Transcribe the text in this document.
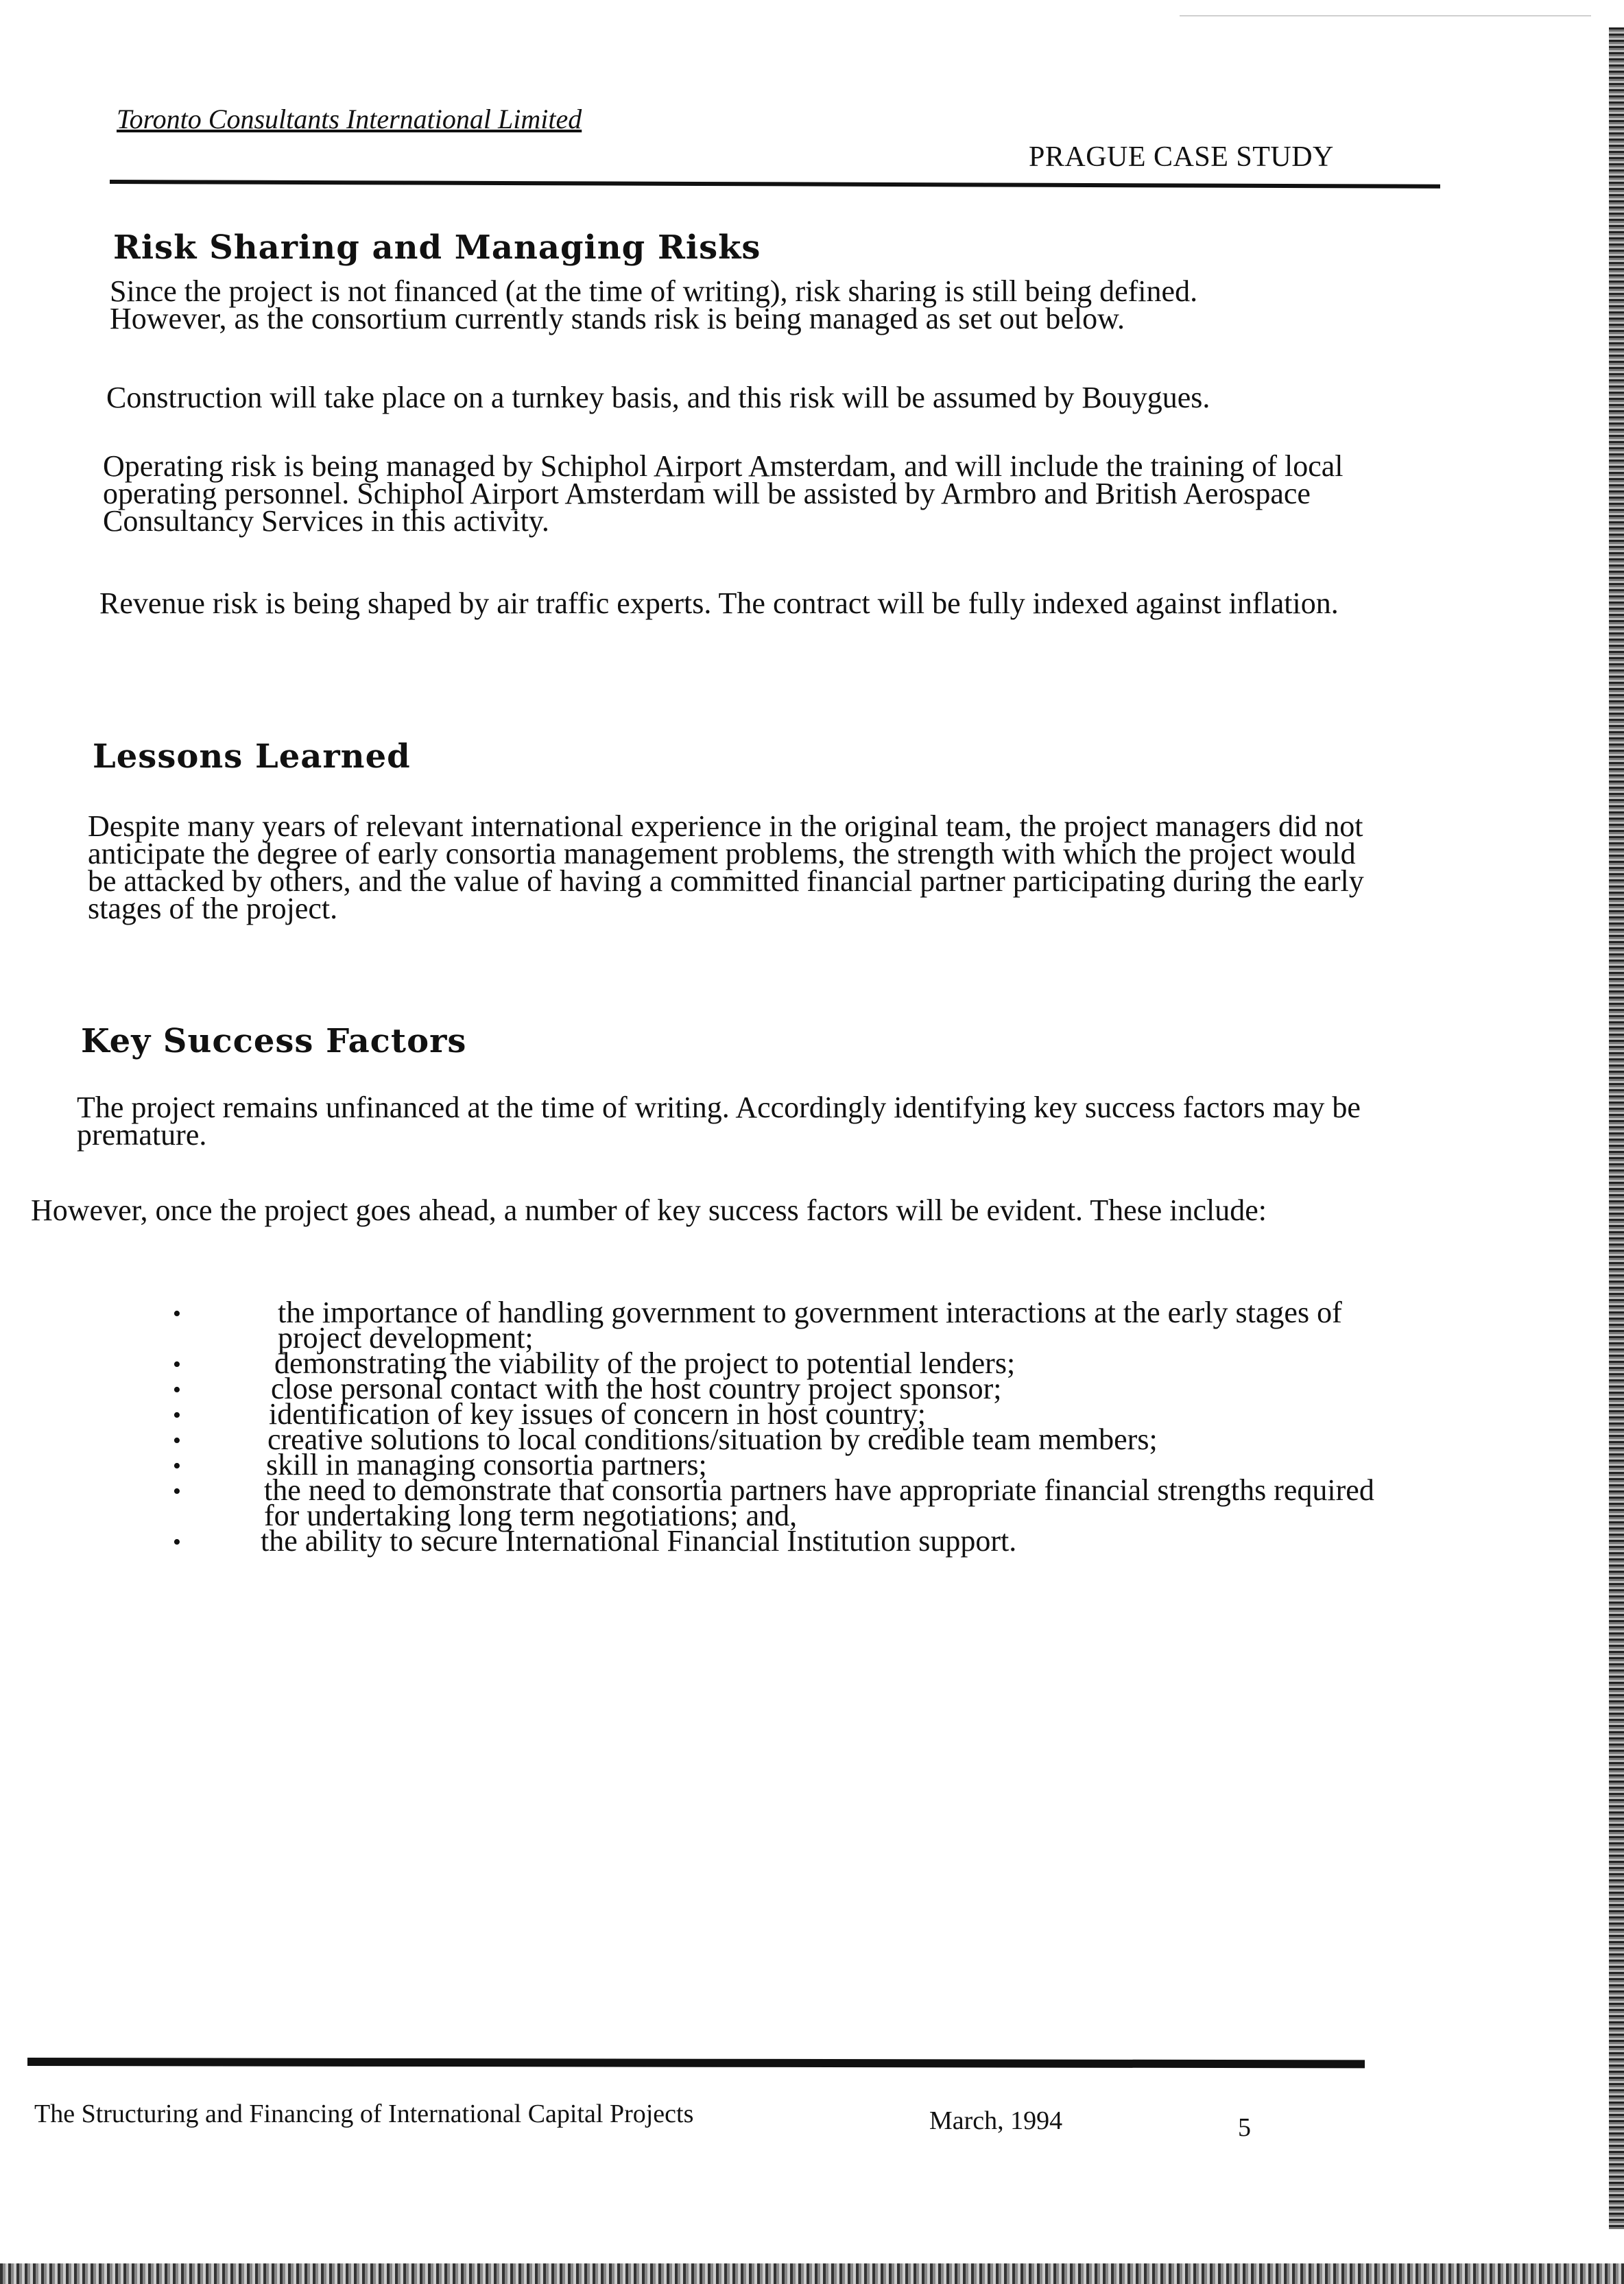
Toronto Consultants International Limited
PRAGUE CASE STUDY
Risk Sharing and Managing Risks

Since the project is not financed (at the time of writing), risk sharing is still being defined. However, as the consortium currently stands risk is being managed as set out below.

Construction will take place on a turnkey basis, and this risk will be assumed by Bouygues.

Operating risk is being managed by Schiphol Airport Amsterdam, and will include the training of local operating personnel. Schiphol Airport Amsterdam will be assisted by Armbro and British Aerospace Consultancy Services in this activity.

Revenue risk is being shaped by air traffic experts. The contract will be fully indexed against inflation.

Lessons Learned

Despite many years of relevant international experience in the original team, the project managers did not anticipate the degree of early consortia management problems, the strength with which the project would be attacked by others, and the value of having a committed financial partner participating during the early stages of the project.

Key Success Factors

The project remains unfinanced at the time of writing. Accordingly identifying key success factors may be premature.

However, once the project goes ahead, a number of key success factors will be evident. These include:

•	the importance of handling government to government interactions at the early stages of project development;
•	demonstrating the viability of the project to potential lenders;
•	close personal contact with the host country project sponsor;
•	identification of key issues of concern in host country;
•	creative solutions to local conditions/situation by credible team members;
•	skill in managing consortia partners;
•	the need to demonstrate that consortia partners have appropriate financial strengths required for undertaking long term negotiations; and,
•	the ability to secure International Financial Institution support.
The Structuring and Financing of International Capital Projects	March, 1994	5
